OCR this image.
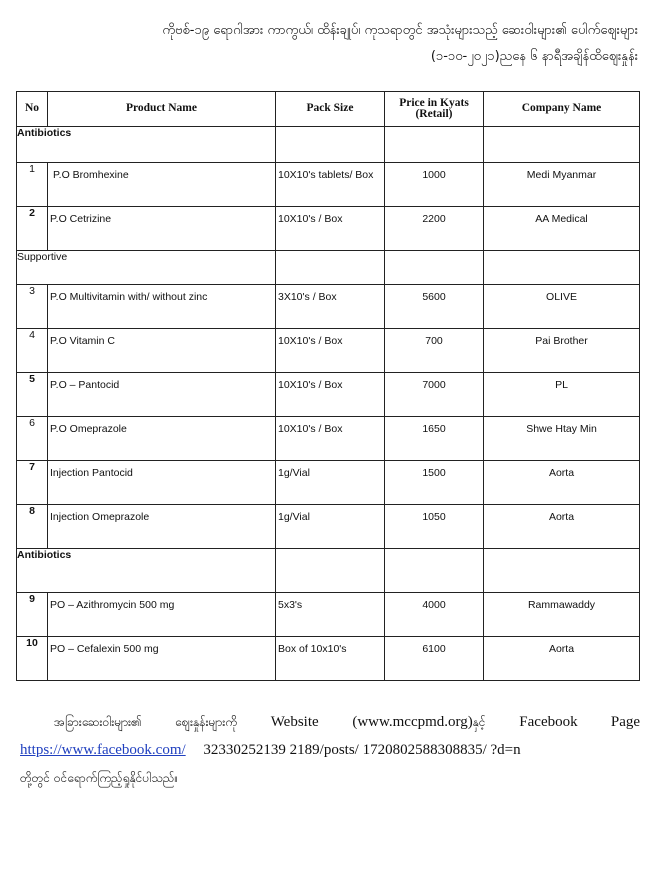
ကိုဗစ်-၁၉ ရောဂါအား ကာကွယ်၊ ထိန်းချုပ်၊ ကုသရာတွင် အသုံးများသည့် ဆေးဝါးများ၏ ပေါက်ဈေးများ
(၁-၁၀-၂၀၂၁)ညနေ ၆ နာရီအချိန်ထိဈေးနှုန်း
No	Product Name	Pack Size	Price in Kyats (Retail)	Company Name
Antibiotics				
1	P.O Bromhexine	10X10's tablets/ Box	1000	Medi Myanmar

2	P.O Cetrizine	10X10's / Box	2200	AA Medical

Supportive				
3	P.O Multivitamin with/ without zinc	3X10's / Box	5600	OLIVE

4	P.O Vitamin C	10X10's / Box	700	Pai Brother

5	P.O – Pantocid	10X10's / Box	7000	PL

6	P.O Omeprazole	10X10's / Box	1650	Shwe Htay Min

7	Injection Pantocid	1g/Vial	1500	Aorta

8	Injection Omeprazole	1g/Vial	1050	Aorta

Antibiotics				
9	PO – Azithromycin 500 mg	5x3's	4000	Rammawaddy

10	PO – Cefalexin 500 mg	Box of 10x10's	6100	Aorta
အခြားဆေးဝါးများ၏ ဈေးနှုန်းများကို Website (www.mccpmd.org)နှင့် Facebook Page
https://www.facebook.com/ 32330252139 2189/posts/ 1720802588308835/ ?d=n
တို့တွင် ဝင်ရောက်ကြည့်ရှုနိုင်ပါသည်။
